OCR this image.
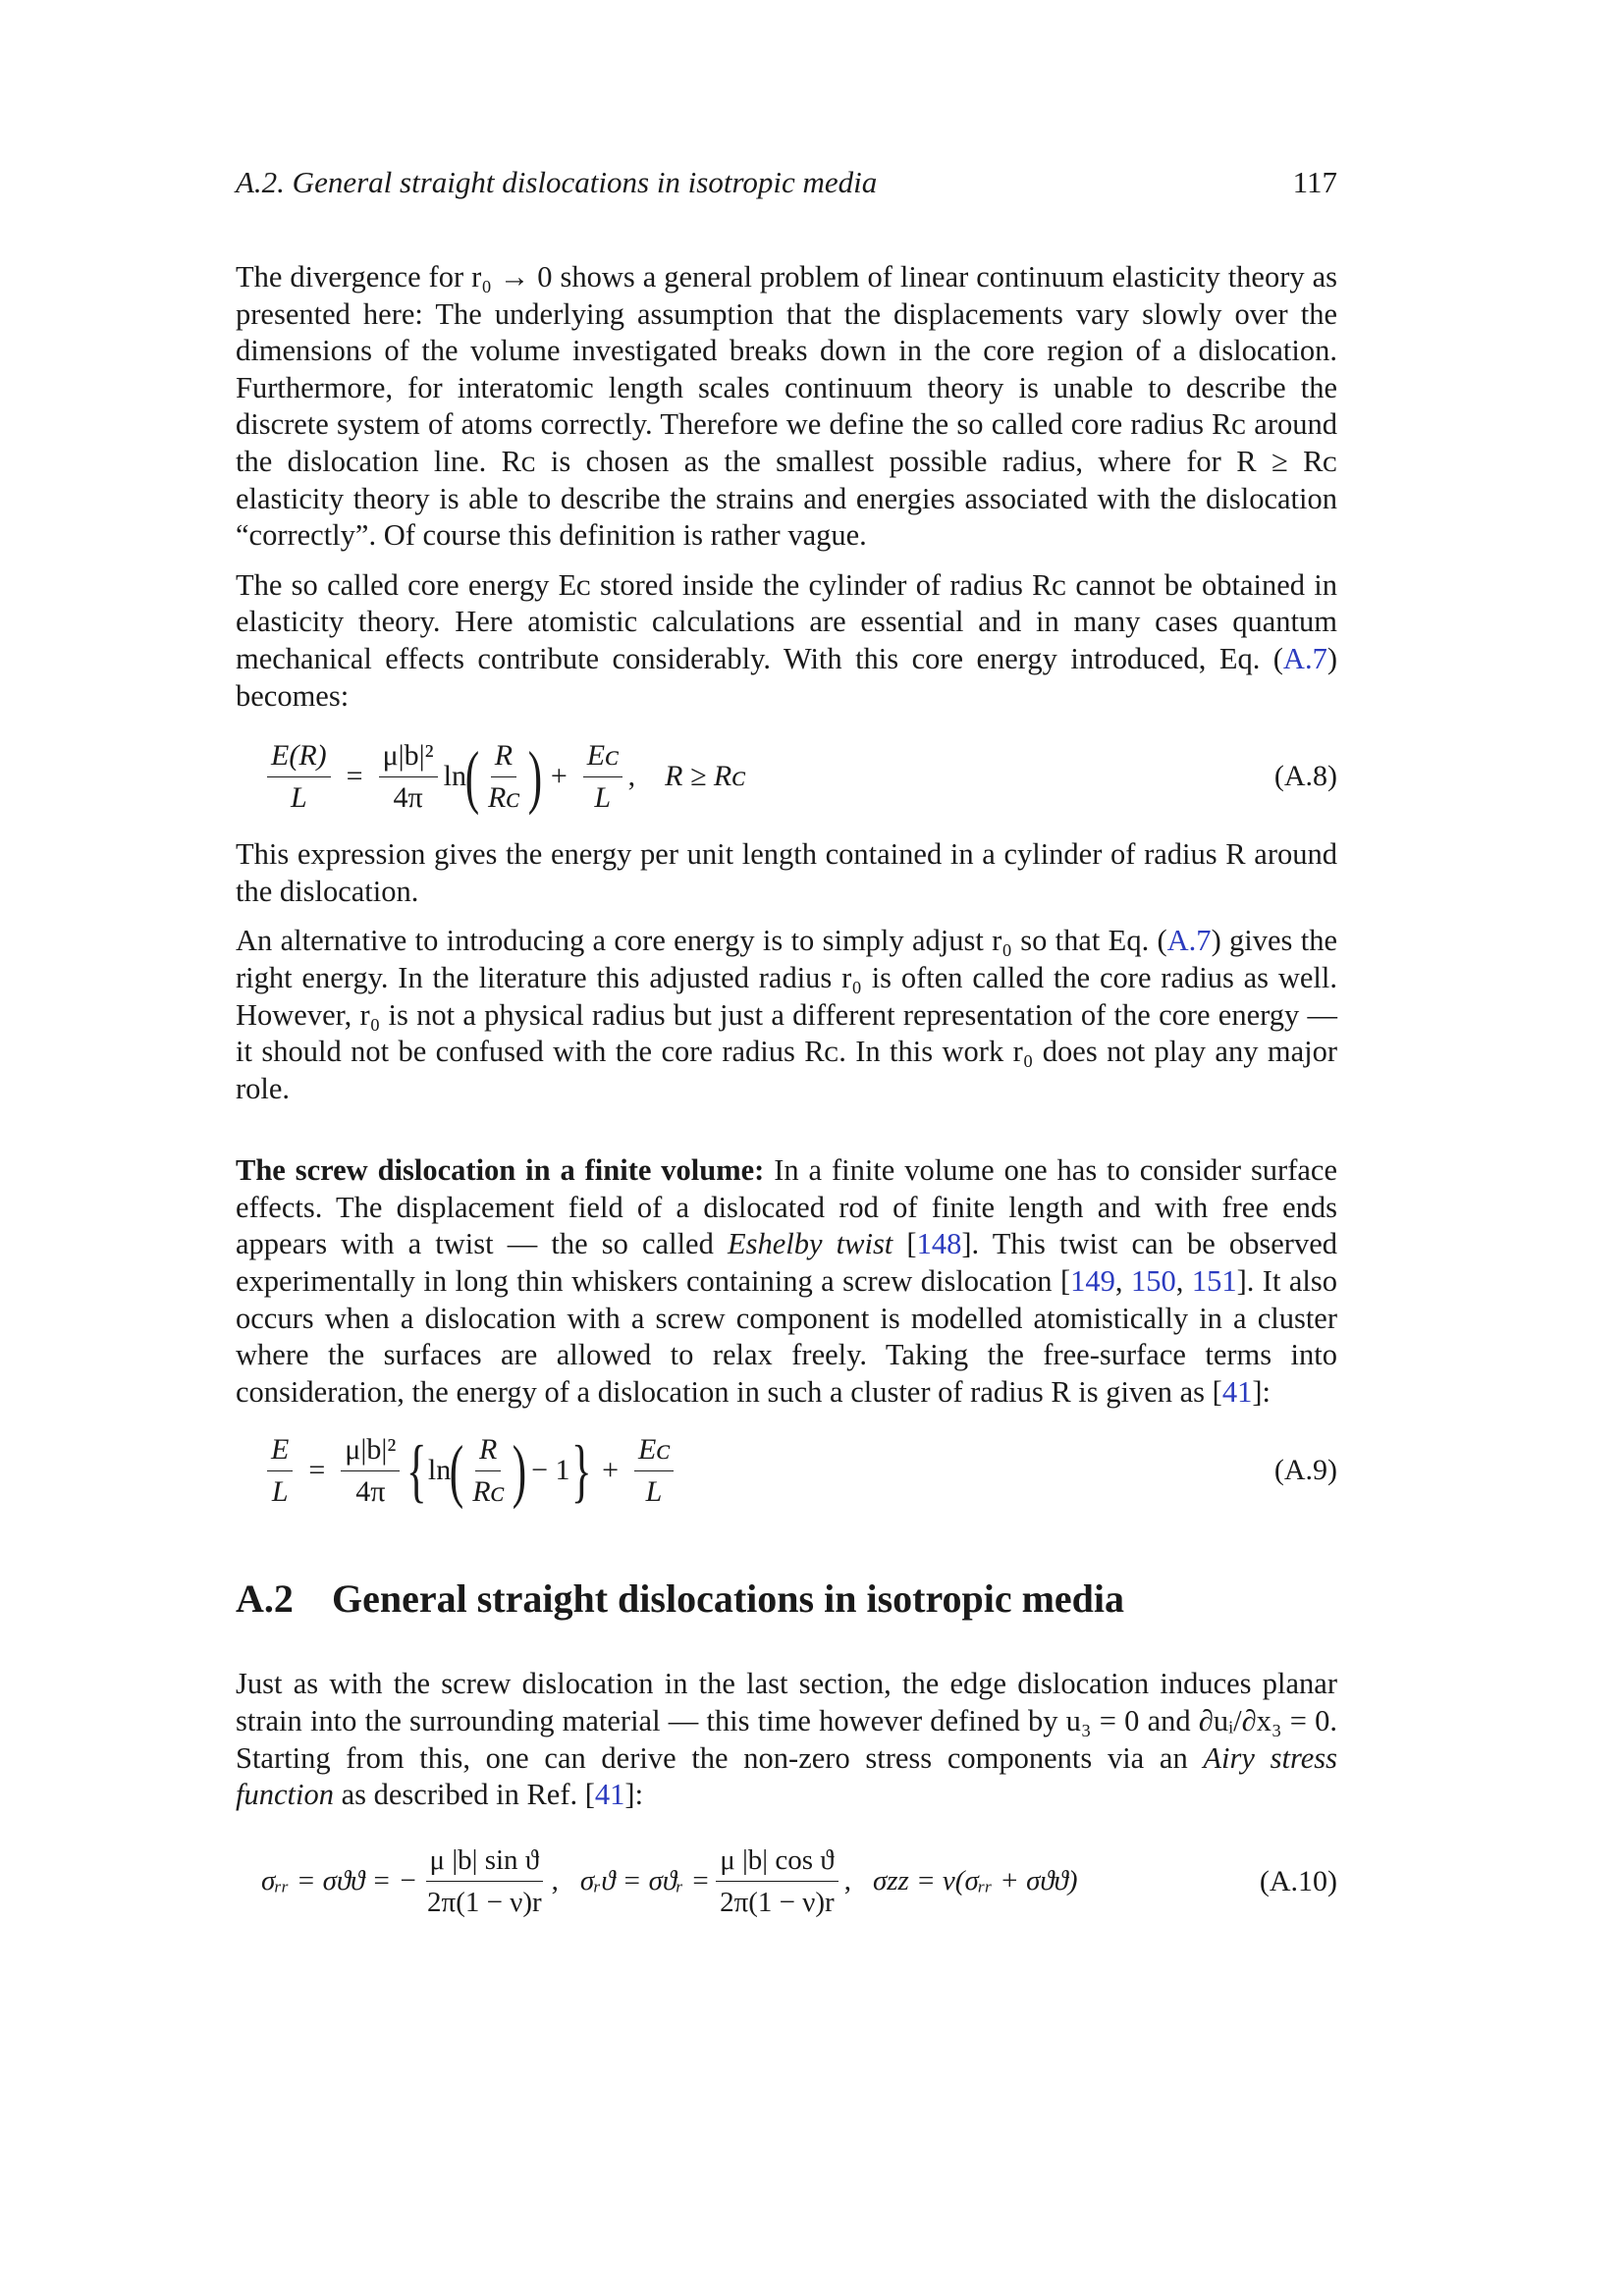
A.2. General straight dislocations in isotropic media	117

The divergence for r₀ → 0 shows a general problem of linear continuum elasticity theory as presented here: The underlying assumption that the displacements vary slowly over the dimensions of the volume investigated breaks down in the core region of a dislocation. Furthermore, for interatomic length scales continuum theory is unable to describe the discrete system of atoms correctly. Therefore we define the so called core radius Rᴄ around the dislocation line. Rᴄ is chosen as the smallest possible radius, where for R ≥ Rᴄ elasticity theory is able to describe the strains and energies associated with the dislocation “correctly”. Of course this definition is rather vague.

The so called core energy Eᴄ stored inside the cylinder of radius Rᴄ cannot be obtained in elasticity theory. Here atomistic calculations are essential and in many cases quantum mechanical effects contribute considerably. With this core energy introduced, Eq. (A.7) becomes:

$\frac{E(R)}{L} = \frac{\text{μ|b|²}}{4\pi}$ ln
( $\frac{R}{\text{Rᴄ}}$ ) + $\frac{\text{Eᴄ}}{L}$ , R ≥ Rᴄ	(A.8)

This expression gives the energy per unit length contained in a cylinder of radius R around the dislocation.

An alternative to introducing a core energy is to simply adjust r₀ so that Eq. (A.7) gives the right energy. In the literature this adjusted radius r₀ is often called the core radius as well. However, r₀ is not a physical radius but just a different representation of the core energy — it should not be confused with the core radius Rᴄ. In this work r₀ does not play any major role.

The screw dislocation in a finite volume: In a finite volume one has to consider surface effects. The displacement field of a dislocated rod of finite length and with free ends appears with a twist — the so called Eshelby twist [148]. This twist can be observed experimentally in long thin whiskers containing a screw dislocation [149, 150, 151]. It also occurs when a dislocation with a screw component is modelled atomistically in a cluster where the surfaces are allowed to relax freely. Taking the free-surface terms into consideration, the energy of a dislocation in such a cluster of radius R is given as [41]:

$\frac{E}{L} = \frac{\text{μ|b|²}}{4\pi}$ { ln
( $\frac{R}{\text{Rᴄ}}$ ) − 1 } + $\frac{\text{Eᴄ}}{L}$	(A.9)
A.2 General straight dislocations in isotropic media

Just as with the screw dislocation in the last section, the edge dislocation induces planar strain into the surrounding material — this time however defined by u₃ = 0 and ∂uᵢ/∂x₃ = 0. Starting from this, one can derive the non-zero stress components via an Airy stress function as described in Ref. [41]:

σᵣᵣ = σϑϑ = − $\frac{\text{μ |b| sin ϑ}}{2\pi(1 - \nu)r}$ , σᵣϑ = σϑᵣ = $\frac{\text{μ |b| cos ϑ}}{2\pi(1 - \nu)r}$ , σzz = ν(σᵣᵣ + σϑϑ)	(A.10)
